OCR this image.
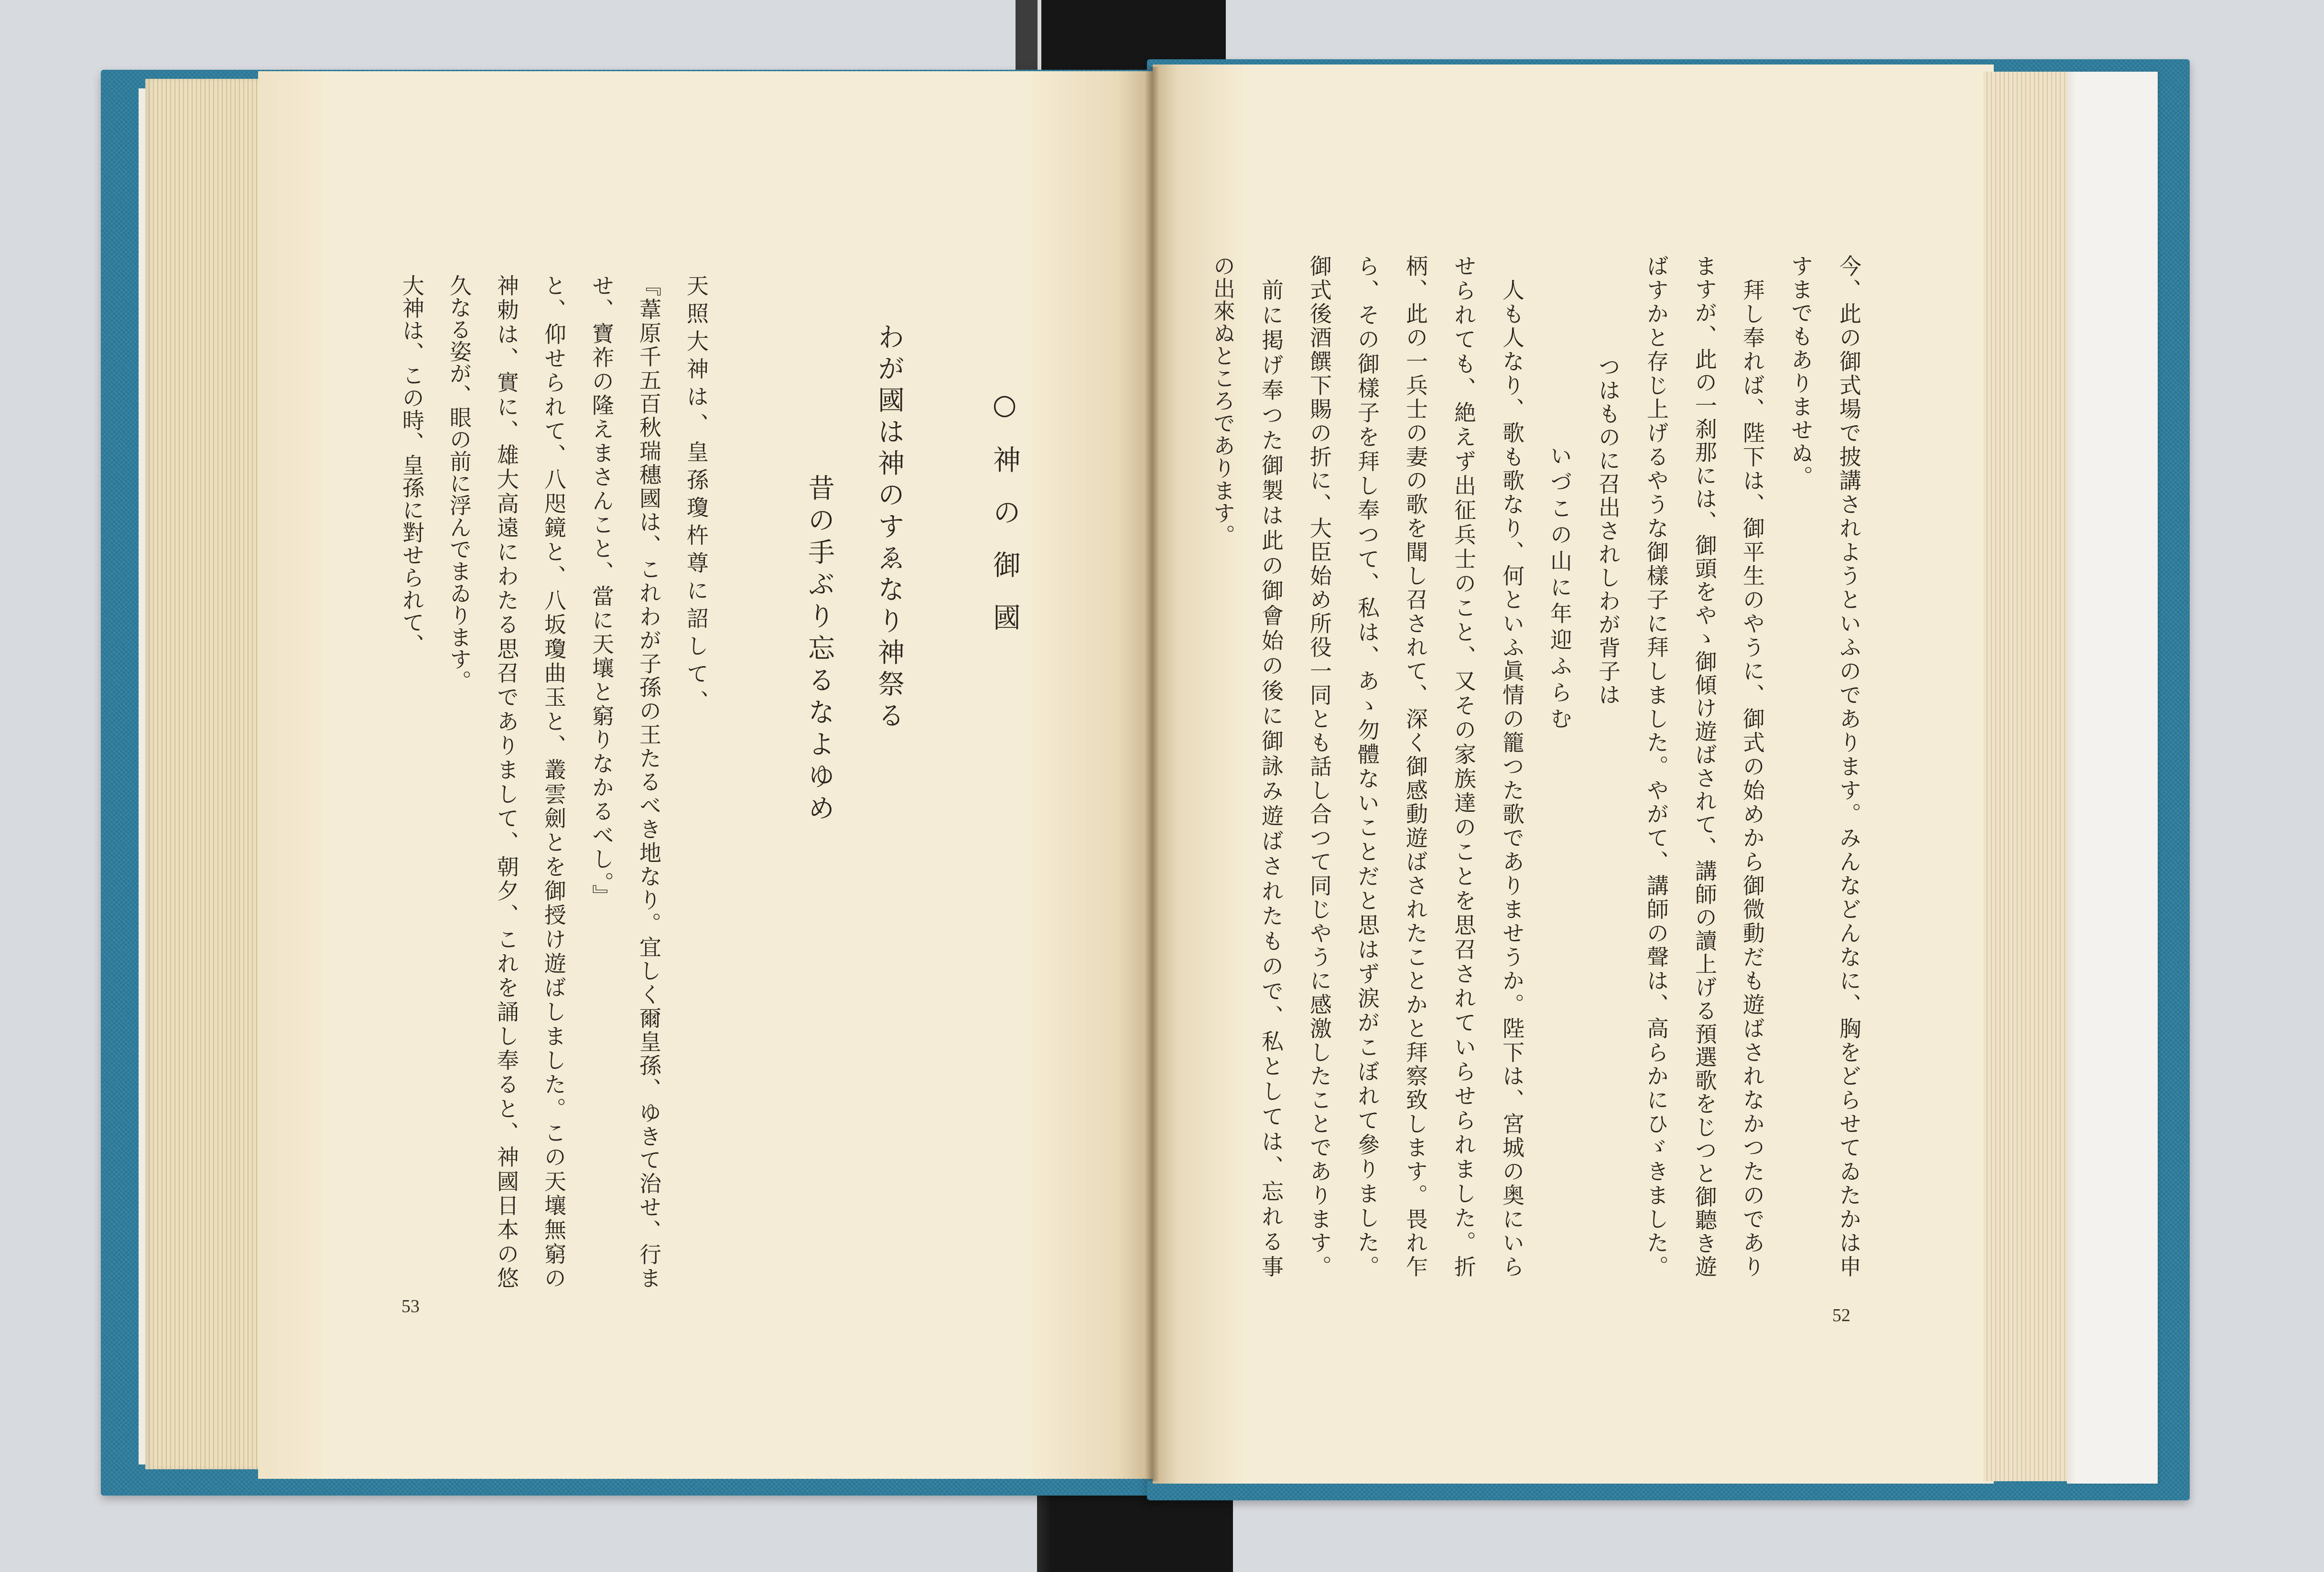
○神の御國
わが國は神のすゑなり神祭る
昔の手ぶり忘るなよゆめ
天照大神は、皇孫瓊杵尊に詔して、
『葦原千五百秋瑞穗國は、これわが子孫の王たるべき地なり。宜しく爾皇孫、ゆきて治せ、行ま
せ、寶祚の隆えまさんこと、當に天壤と窮りなかるべし。』
と、仰せられて、八咫鏡と、八坂瓊曲玉と、叢雲劍とを御授け遊ばしました。この天壤無窮の
神勅は、實に、雄大高遠にわたる思召でありまして、朝夕、これを誦し奉ると、神國日本の悠
久なる姿が、眼の前に浮んでまゐります。
大神は、この時、皇孫に對せられて、
53
今、此の御式場で披講されようといふのであります。みんなどんなに、胸をどらせてゐたかは申
すまでもありませぬ。
拜し奉れば、陛下は、御平生のやうに、御式の始めから御微動だも遊ばされなかつたのであり
ますが、此の一刹那には、御頭をやゝ御傾け遊ばされて、講師の讀上げる預選歌をじつと御聽き遊
ばすかと存じ上げるやうな御樣子に拜しました。やがて、講師の聲は、高らかにひゞきました。
つはものに召出されしわが背子は
いづこの山に年迎ふらむ
人も人なり、歌も歌なり、何といふ眞情の籠つた歌でありませうか。陛下は、宮城の奥にいら
せられても、絶えず出征兵士のこと、又その家族達のことを思召されていらせられました。折
柄、此の一兵士の妻の歌を聞し召されて、深く御感動遊ばされたことかと拜察致します。畏れ乍
ら、その御樣子を拜し奉つて、私は、あゝ勿體ないことだと思はず涙がこぼれて參りました。
御式後酒饌下賜の折に、大臣始め所役一同とも話し合つて同じやうに感激したことであります。
前に掲げ奉つた御製は此の御會始の後に御詠み遊ばされたもので、私としては、忘れる事
の出來ぬところであります。
52
